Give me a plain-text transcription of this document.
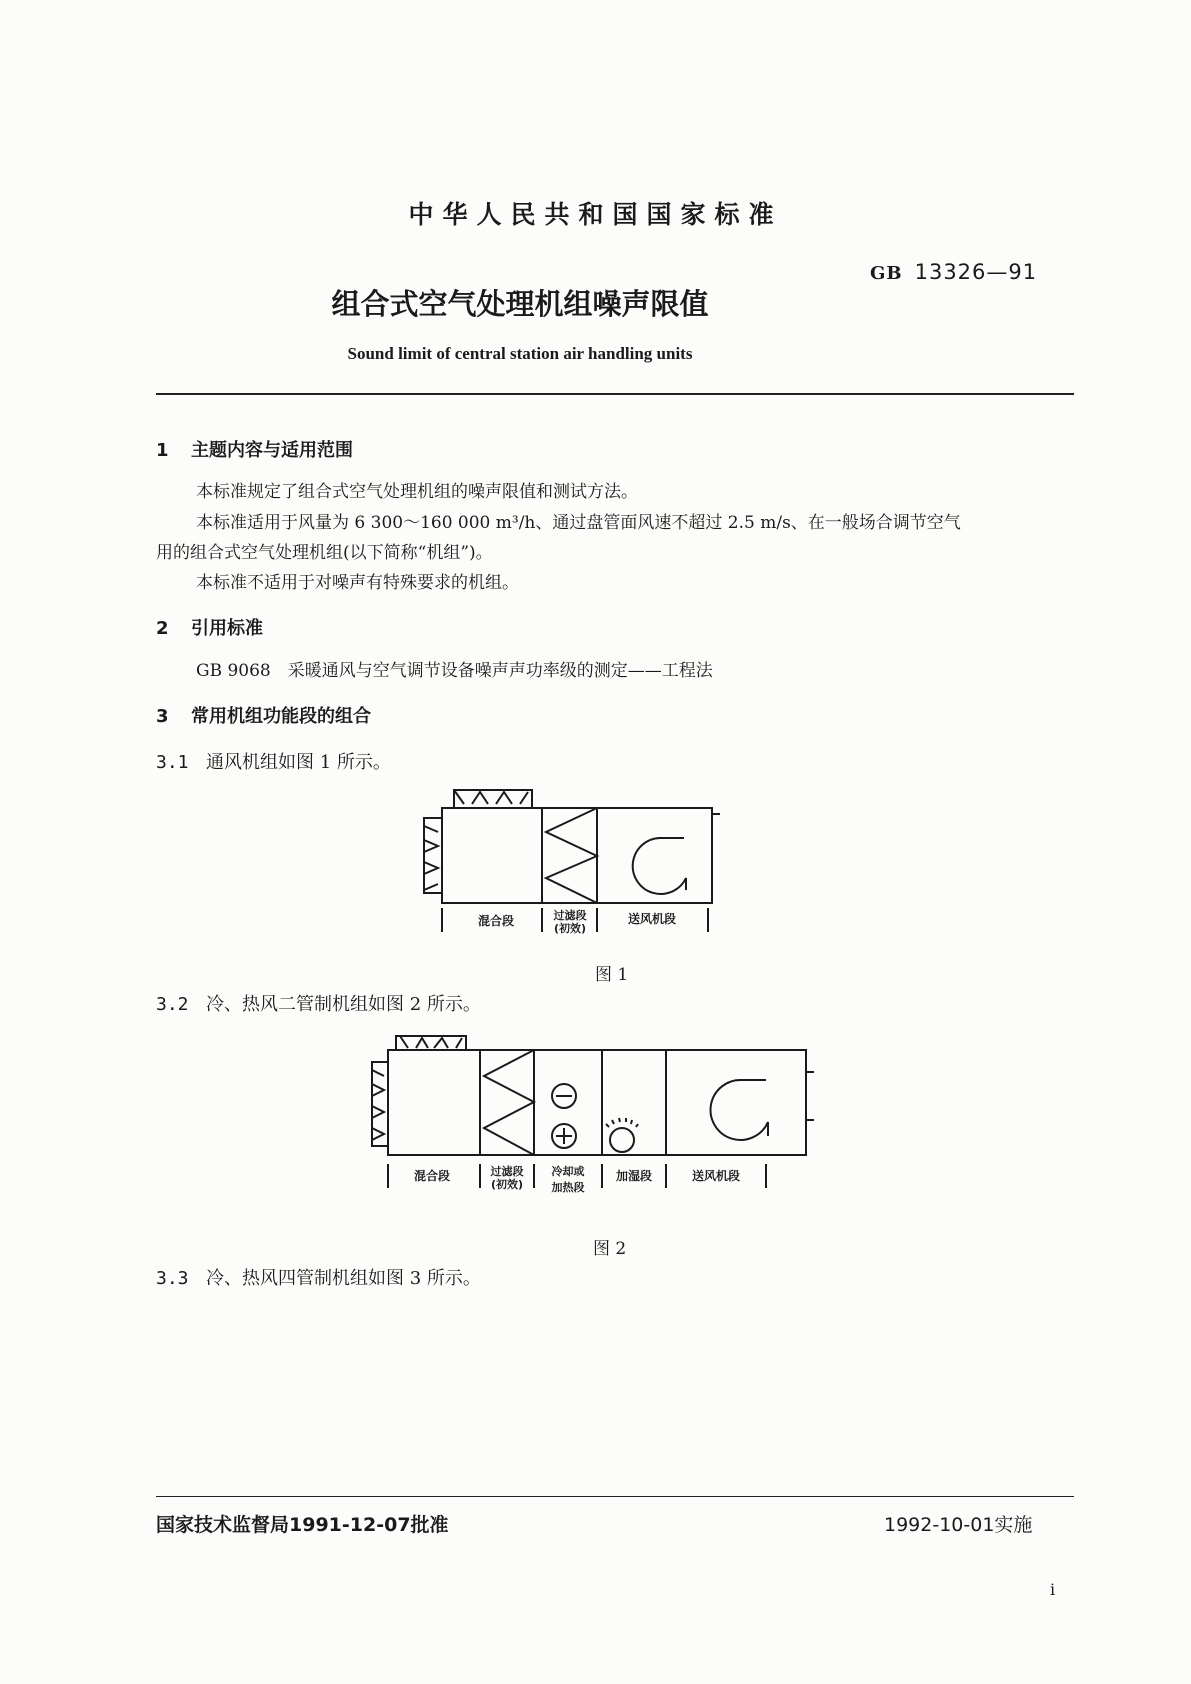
中华人民共和国国家标准
GB 13326—91
组合式空气处理机组噪声限值
Sound limit of central station air handling units
1 主题内容与适用范围
本标准规定了组合式空气处理机组的噪声限值和测试方法。
本标准适用于风量为 6 300～160 000 m³/h、通过盘管面风速不超过 2.5 m/s、在一般场合调节空气
用的组合式空气处理机组(以下简称“机组”)。
本标准不适用于对噪声有特殊要求的机组。
2 引用标准
GB 9068　采暖通风与空气调节设备噪声声功率级的测定——工程法
3 常用机组功能段的组合
3.1 通风机组如图 1 所示。
混合段	过滤段
(初效)
送风机段
图 1
3.2 冷、热风二管制机组如图 2 所示。
混合段	过滤段
(初效)
冷却或
加热段
加湿段	送风机段
图 2
3.3 冷、热风四管制机组如图 3 所示。
国家技术监督局1991-12-07批准	1992-10-01实施
i
